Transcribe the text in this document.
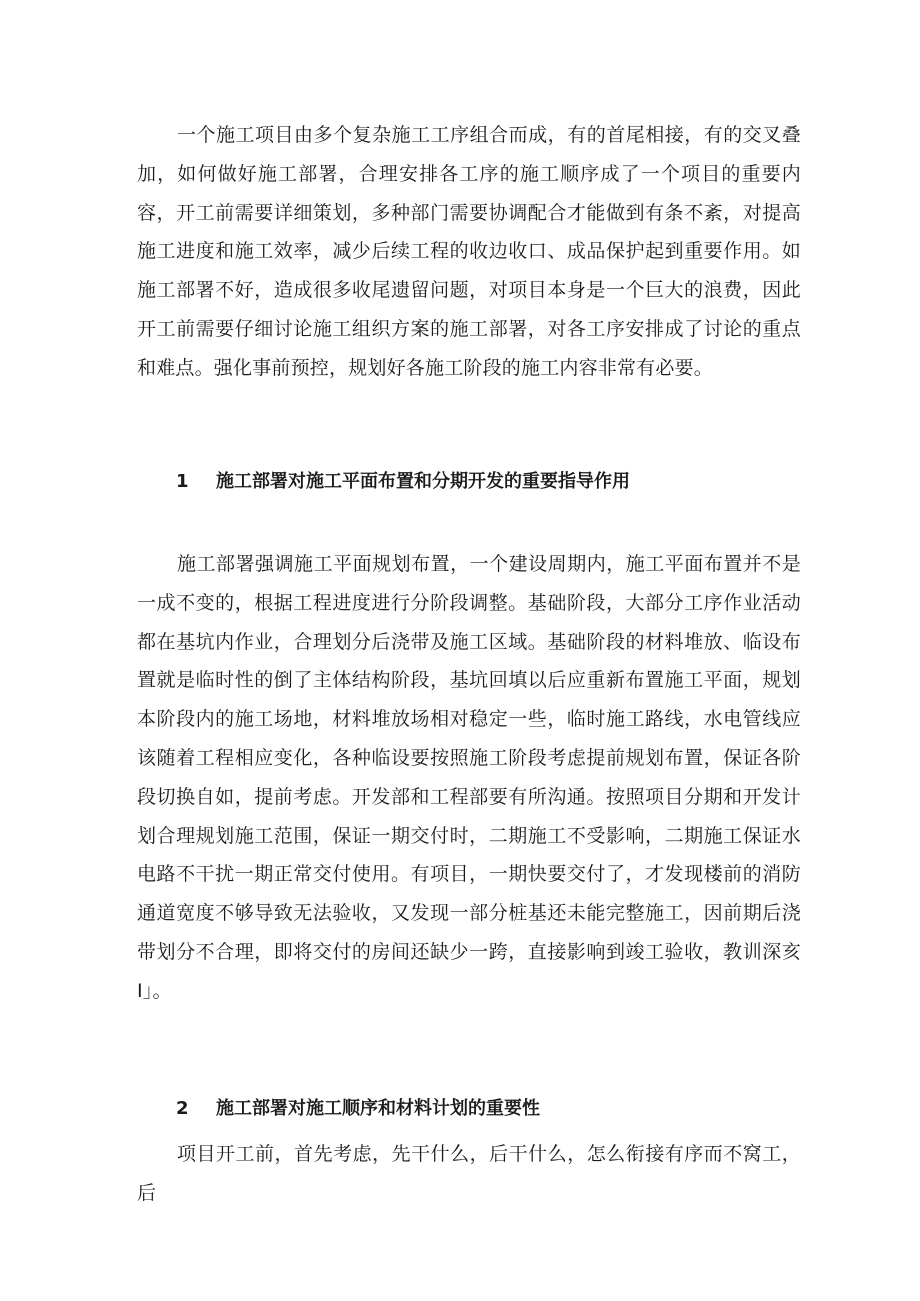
一个施工项目由多个复杂施工工序组合而成，有的首尾相接，有的交叉叠加，如何做好施工部署，合理安排各工序的施工顺序成了一个项目的重要内容，开工前需要详细策划，多种部门需要协调配合才能做到有条不紊，对提高施工进度和施工效率，减少后续工程的收边收口、成品保护起到重要作用。如施工部署不好，造成很多收尾遗留问题，对项目本身是一个巨大的浪费，因此开工前需要仔细讨论施工组织方案的施工部署，对各工序安排成了讨论的重点和难点。强化事前预控，规划好各施工阶段的施工内容非常有必要。

1 施工部署对施工平面布置和分期开发的重要指导作用

施工部署强调施工平面规划布置，一个建设周期内，施工平面布置并不是一成不变的，根据工程进度进行分阶段调整。基础阶段，大部分工序作业活动都在基坑内作业，合理划分后浇带及施工区域。基础阶段的材料堆放、临设布置就是临时性的倒了主体结构阶段，基坑回填以后应重新布置施工平面，规划本阶段内的施工场地，材料堆放场相对稳定一些，临时施工路线，水电管线应该随着工程相应变化，各种临设要按照施工阶段考虑提前规划布置，保证各阶段切换自如，提前考虑。开发部和工程部要有所沟通。按照项目分期和开发计划合理规划施工范围，保证一期交付时，二期施工不受影响，二期施工保证水电路不干扰一期正常交付使用。有项目，一期快要交付了，才发现楼前的消防通道宽度不够导致无法验收，又发现一部分桩基还未能完整施工，因前期后浇带划分不合理，即将交付的房间还缺少一跨，直接影响到竣工验收，教训深亥 I」。

2 施工部署对施工顺序和材料计划的重要性

项目开工前，首先考虑，先干什么，后干什么，怎么衔接有序而不窝工，后
